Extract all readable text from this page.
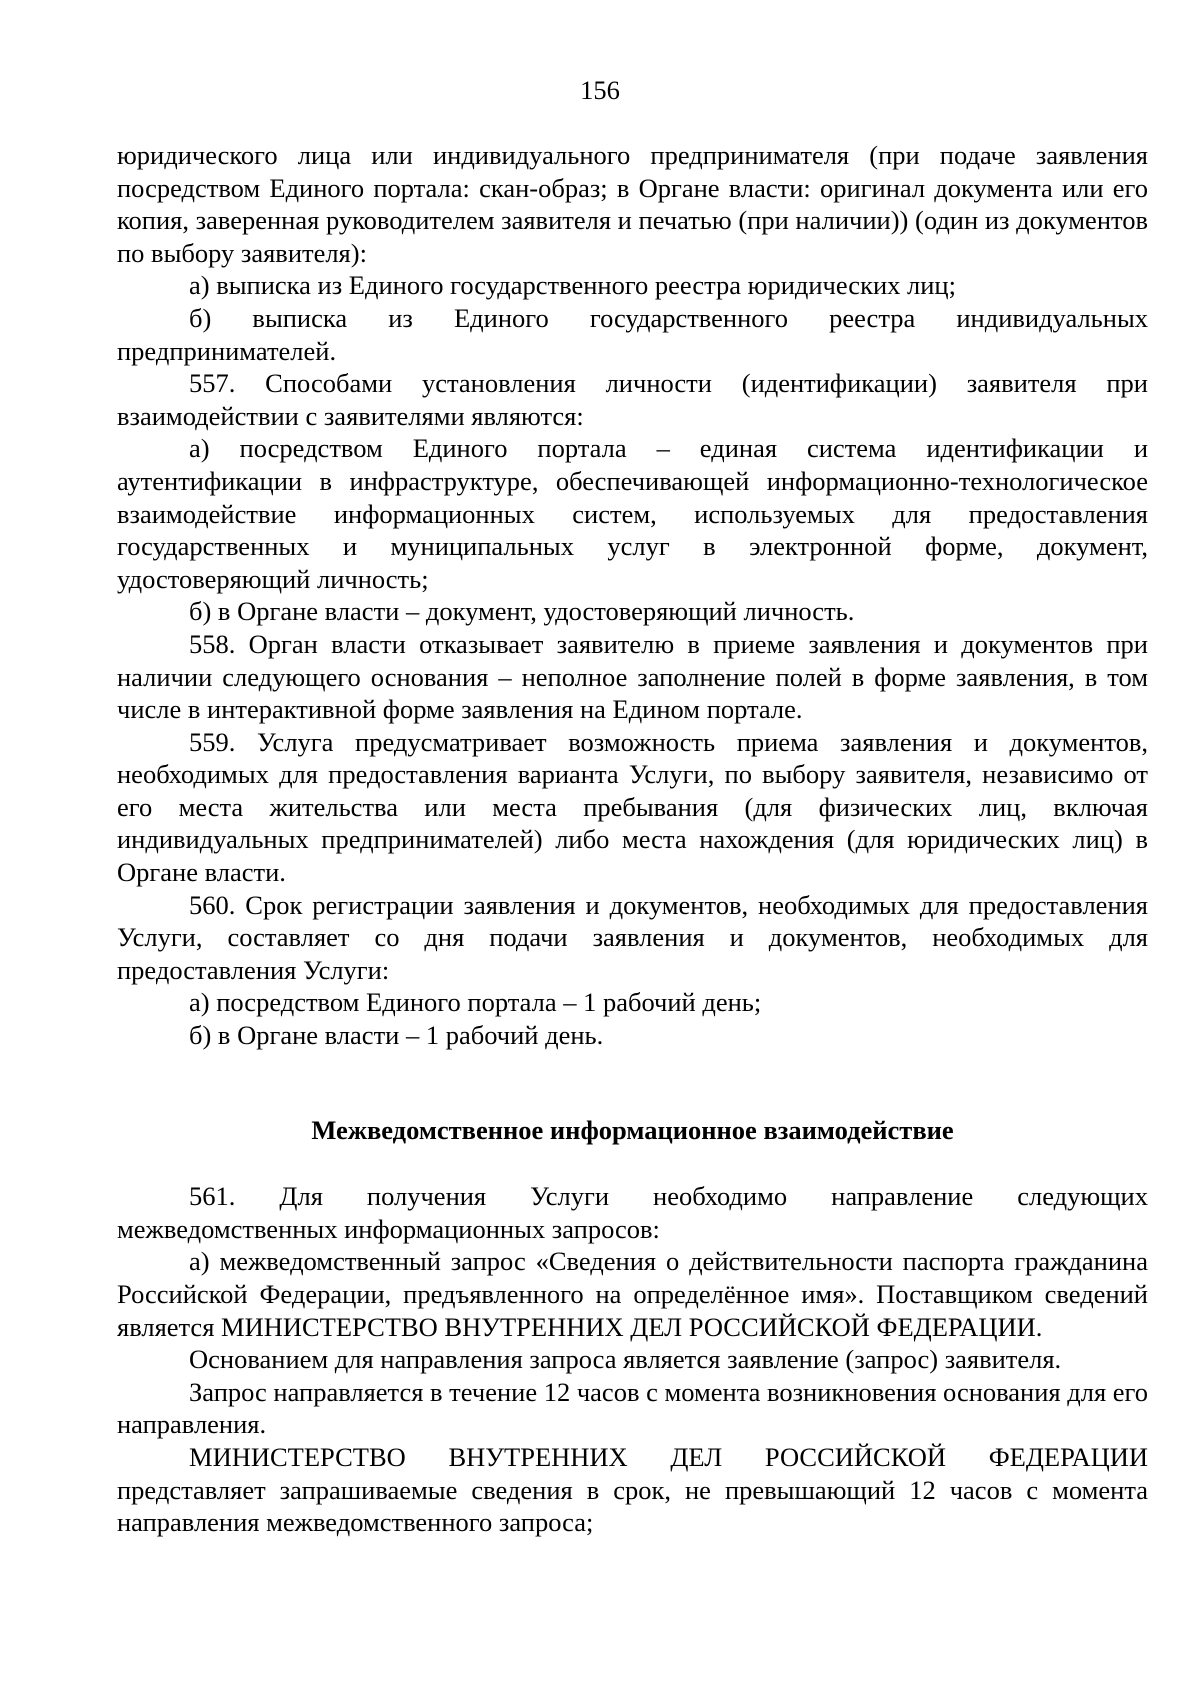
156

юридического лица или индивидуального предпринимателя (при подаче заявления посредством Единого портала: скан-образ; в Органе власти: оригинал документа или его копия, заверенная руководителем заявителя и печатью (при наличии)) (один из документов по выбору заявителя):

а) выписка из Единого государственного реестра юридических лиц;

б) выписка из Единого государственного реестра индивидуальных предпринимателей.

557. Способами установления личности (идентификации) заявителя при взаимодействии с заявителями являются:

а) посредством Единого портала – единая система идентификации и аутентификации в инфраструктуре, обеспечивающей информационно-технологическое взаимодействие информационных систем, используемых для предоставления государственных и муниципальных услуг в электронной форме, документ, удостоверяющий личность;

б) в Органе власти – документ, удостоверяющий личность.

558. Орган власти отказывает заявителю в приеме заявления и документов при наличии следующего основания – неполное заполнение полей в форме заявления, в том числе в интерактивной форме заявления на Едином портале.

559. Услуга предусматривает возможность приема заявления и документов, необходимых для предоставления варианта Услуги, по выбору заявителя, независимо от его места жительства или места пребывания (для физических лиц, включая индивидуальных предпринимателей) либо места нахождения (для юридических лиц) в Органе власти.

560. Срок регистрации заявления и документов, необходимых для предоставления Услуги, составляет со дня подачи заявления и документов, необходимых для предоставления Услуги:

а) посредством Единого портала – 1 рабочий день;

б) в Органе власти – 1 рабочий день.

Межведомственное информационное взаимодействие

561. Для получения Услуги необходимо направление следующих межведомственных информационных запросов:

а) межведомственный запрос «Сведения о действительности паспорта гражданина Российской Федерации, предъявленного на определённое имя». Поставщиком сведений является МИНИСТЕРСТВО ВНУТРЕННИХ ДЕЛ РОССИЙСКОЙ ФЕДЕРАЦИИ.

Основанием для направления запроса является заявление (запрос) заявителя.

Запрос направляется в течение 12 часов с момента возникновения основания для его направления.

МИНИСТЕРСТВО ВНУТРЕННИХ ДЕЛ РОССИЙСКОЙ ФЕДЕРАЦИИ представляет запрашиваемые сведения в срок, не превышающий 12 часов с момента направления межведомственного запроса;
